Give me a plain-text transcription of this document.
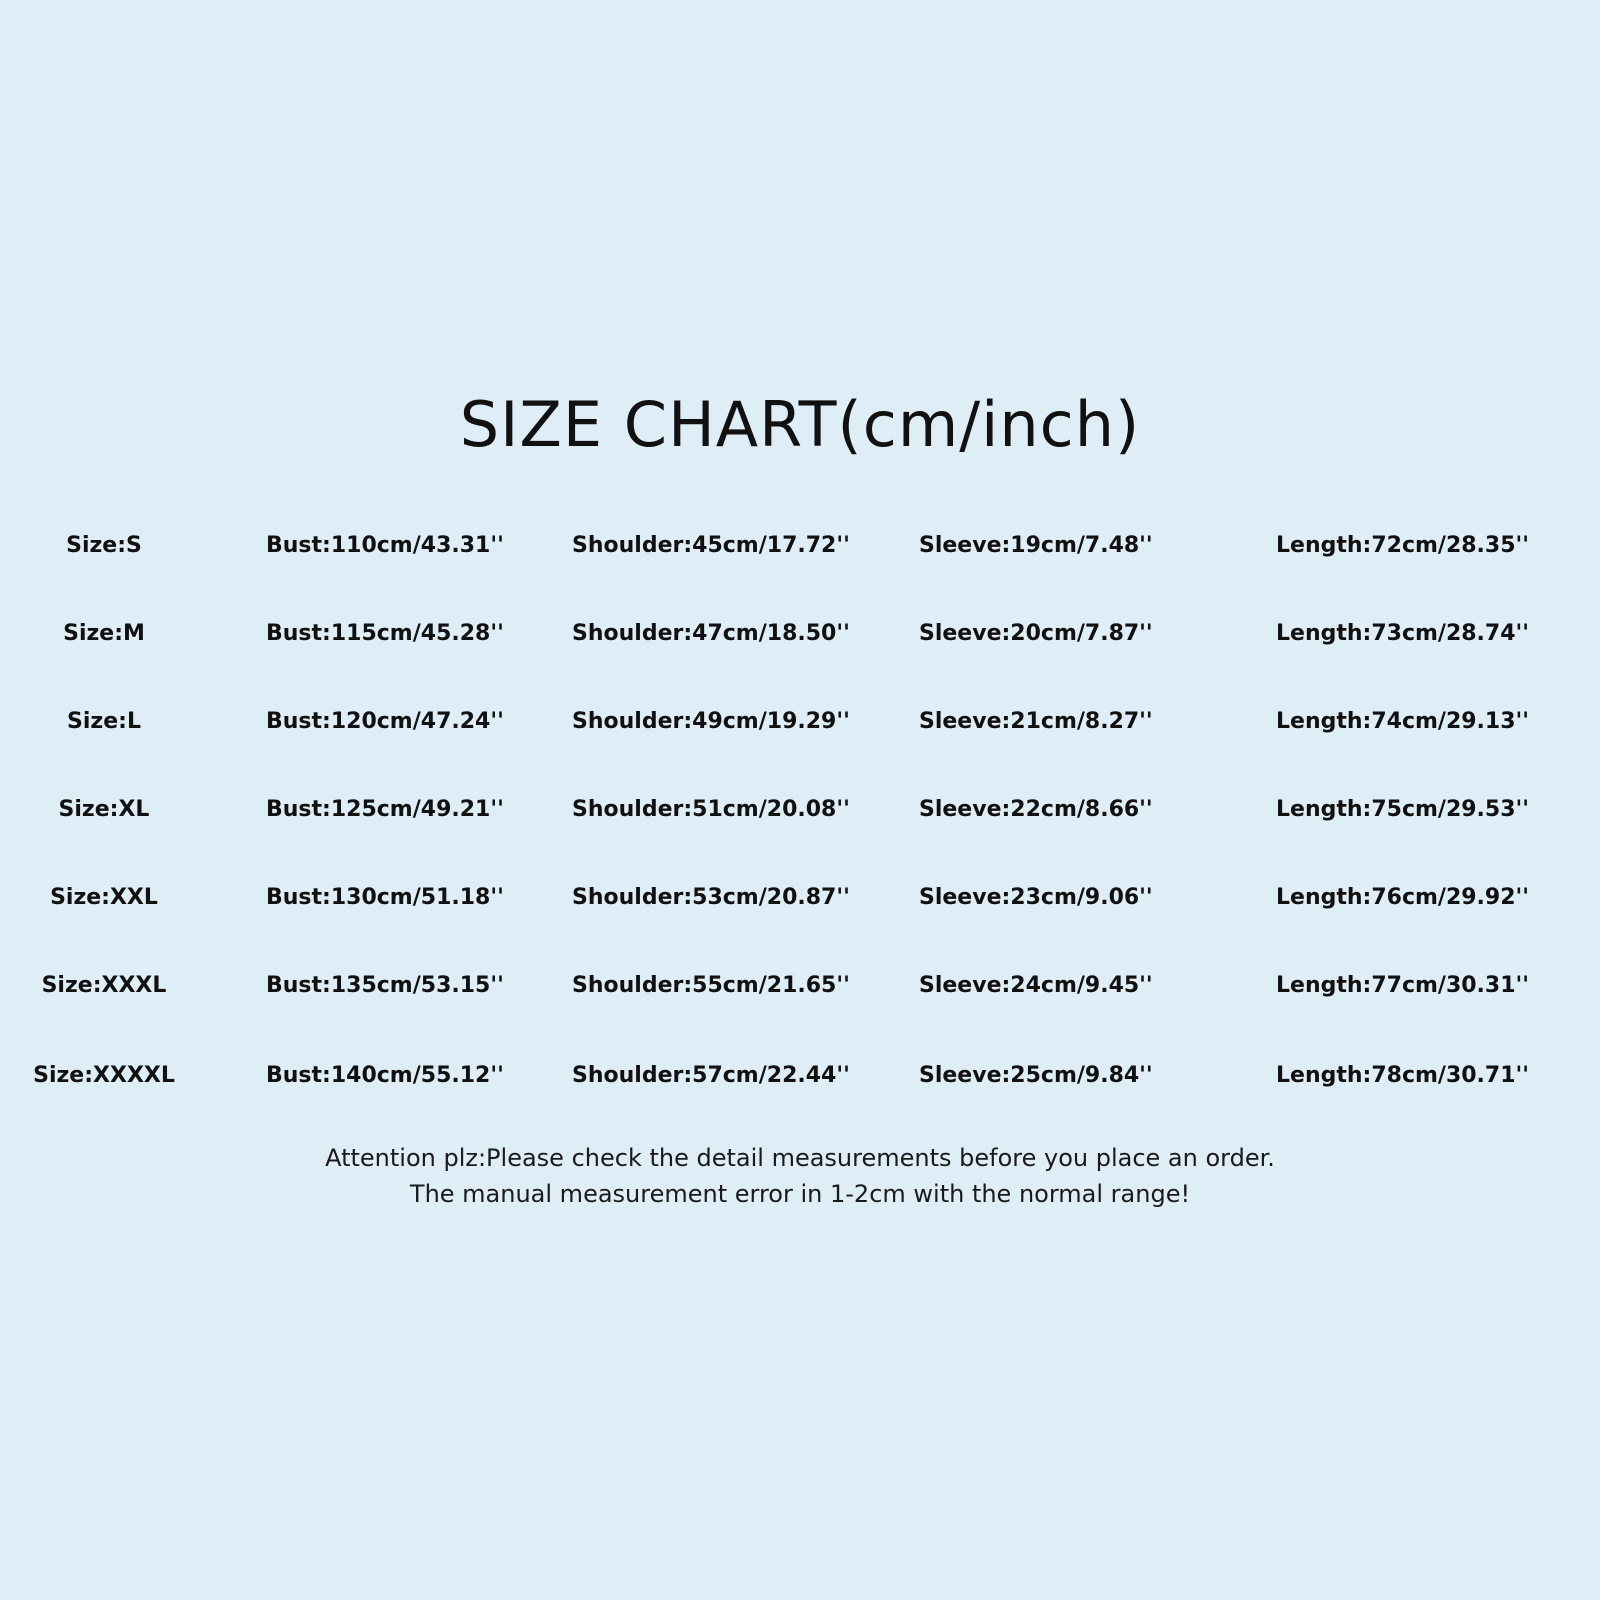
SIZE CHART(cm/inch)
Size:S	Bust:110cm/43.31''	Shoulder:45cm/17.72''	Sleeve:19cm/7.48''	Length:72cm/28.35''
Size:M	Bust:115cm/45.28''	Shoulder:47cm/18.50''	Sleeve:20cm/7.87''	Length:73cm/28.74''
Size:L	Bust:120cm/47.24''	Shoulder:49cm/19.29''	Sleeve:21cm/8.27''	Length:74cm/29.13''
Size:XL	Bust:125cm/49.21''	Shoulder:51cm/20.08''	Sleeve:22cm/8.66''	Length:75cm/29.53''
Size:XXL	Bust:130cm/51.18''	Shoulder:53cm/20.87''	Sleeve:23cm/9.06''	Length:76cm/29.92''
Size:XXXL	Bust:135cm/53.15''	Shoulder:55cm/21.65''	Sleeve:24cm/9.45''	Length:77cm/30.31''
Size:XXXXL	Bust:140cm/55.12''	Shoulder:57cm/22.44''	Sleeve:25cm/9.84''	Length:78cm/30.71''
Attention plz:Please check the detail measurements before you place an order.
The manual measurement error in 1-2cm with the normal range!
